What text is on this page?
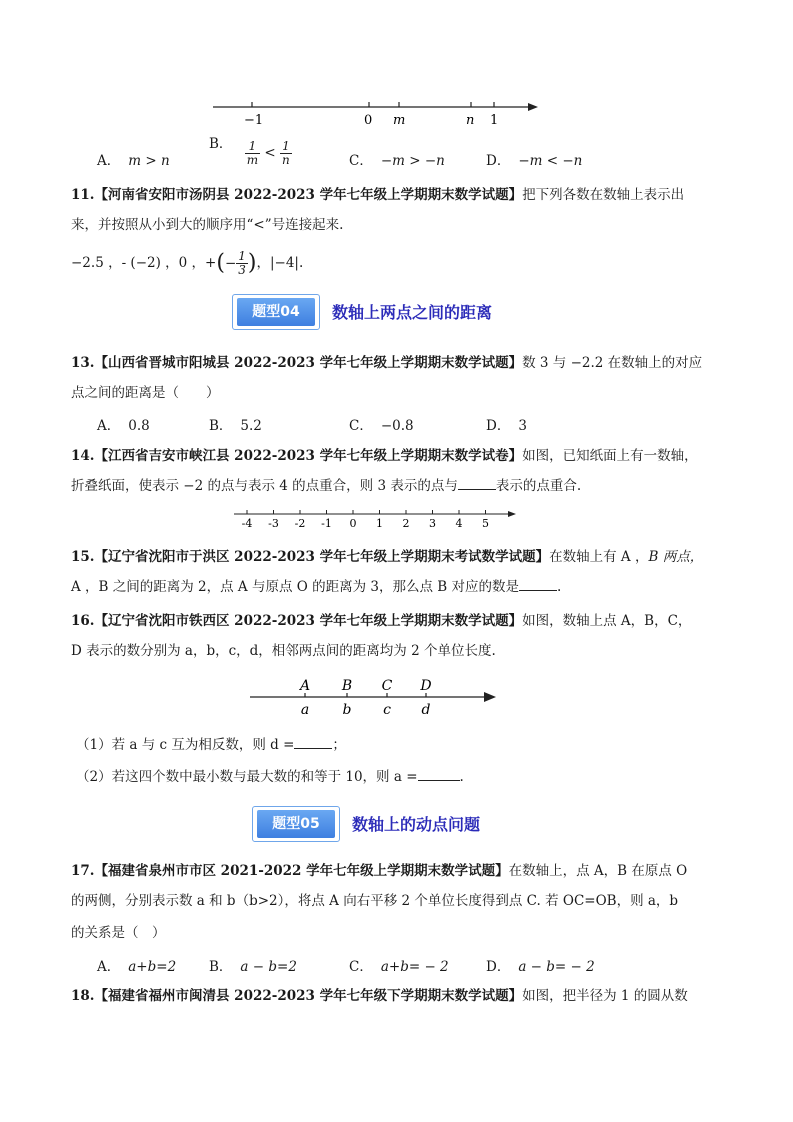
−1	0 m	n 1
A． m > n
B． $\frac{1}{m} < \frac{1}{n}$	C． −m > −n	D． −m < −n
11.【河南省安阳市汤阴县 2022-2023 学年七年级上学期期末数学试题】把下列各数在数轴上表示出
来，并按照从小到大的顺序用“<”号连接起来.
−2.5 ，- (−2) ，0 ，+(− $\frac{1}{3}$ )，|−4|.
题型04	数轴上两点之间的距离
13.【山西省晋城市阳城县 2022-2023 学年七年级上学期期末数学试题】数 3 与 −2.2 在数轴上的对应
点之间的距离是（　　）
A． 0.8	B． 5.2	C． −0.8	D． 3
14.【江西省吉安市峡江县 2022-2023 学年七年级上学期期末数学试卷】如图，已知纸面上有一数轴，
折叠纸面，使表示 −2 的点与表示 4 的点重合，则 3 表示的点与	表示的点重合.
-4 -3 -2 -1 0 1 2 3 4 5
15.【辽宁省沈阳市于洪区 2022-2023 学年七年级上学期期末考试数学试题】在数轴上有 A ，B 两点，
A ，B 之间的距离为 2，点 A 与原点 O 的距离为 3，那么点 B 对应的数是	.
16.【辽宁省沈阳市铁西区 2022-2023 学年七年级上学期期末数学试题】如图，数轴上点 A，B，C，
D 表示的数分别为 a，b，c，d，相邻两点间的距离均为 2 个单位长度.
A
a
B
b
C
c
D
d
（1）若 a 与 c 互为相反数，则 d =	；
（2）若这四个数中最小数与最大数的和等于 10，则 a =	.
题型05	数轴上的动点问题
17.【福建省泉州市市区 2021-2022 学年七年级上学期期末数学试题】在数轴上，点 A，B 在原点 O
的两侧，分别表示数 a 和 b（b>2），将点 A 向右平移 2 个单位长度得到点 C. 若 OC=OB，则 a，b
的关系是（　）
A． a+b=2 B． a − b=2	C． a+b= − 2	D． a − b= − 2
18.【福建省福州市闽清县 2022-2023 学年七年级下学期期末数学试题】如图，把半径为 1 的圆从数
